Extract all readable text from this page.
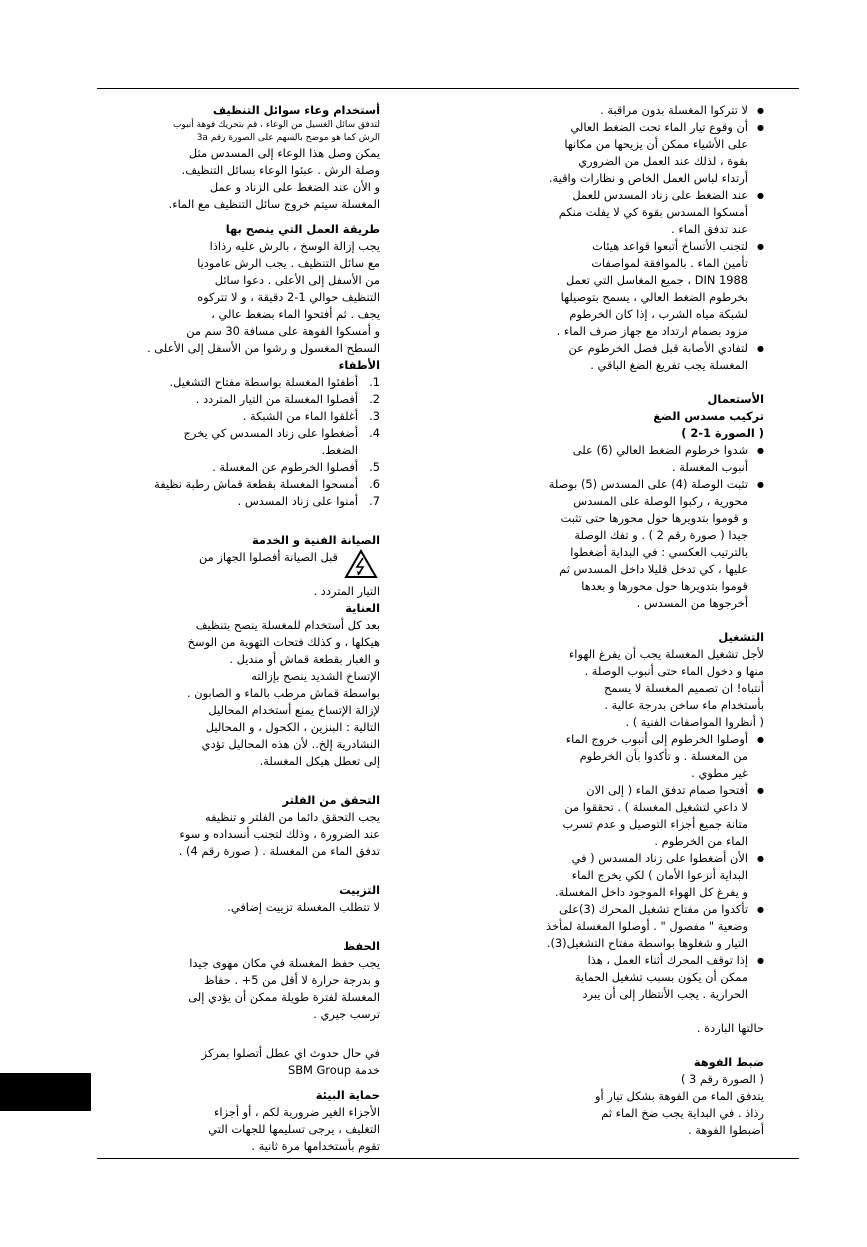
● لا تتركوا المغسلة بدون مراقبة .

● أن وقوع تيار الماء تحت الضغط العالي

على الأشياء ممكن أن يزيحها من مكانها

بقوة ، لذلك عند العمل من الضروري

أرتداء لباس العمل الخاص و نظارات واقية.

● عند الضغط على زناد المسدس للعمل

أمسكوا المسدس بقوة كي لا يفلت منكم

عند تدفق الماء .

● لتجنب الأتساخ أتبعوا قواعد هيئات

تأمين الماء . بالموافقة لمواصفات

DIN 1988 ، جميع المغاسل التي تعمل

بخرطوم الضغط العالي ، يسمح بتوصيلها

لشبكة مياه الشرب ، إذا كان الخرطوم

مزود بصمام ارتداد مع جهاز صرف الماء .

● لتفادي الأصابة قبل فصل الخرطوم عن

المغسلة يجب تفريغ الضغ الباقي .

الأستعمال
تركيب مسدس الضغ
( الصورة 1-2 )

● شدوا خرطوم الضغط العالي (6) على

أنبوب المغسلة .

● تثبت الوصلة (4) على المسدس (5) بوصلة

محورية ، ركبوا الوصلة على المسدس

و قوموا بتدويرها حول محورها حتى تثبت

جيدا ( صورة رقم 2 ) . و تفك الوصلة

بالترتيب العكسي : في البداية أضغطوا

عليها ، كي تدخل قليلا داخل المسدس ثم

قوموا بتدويرها حول محورها و بعدها

أخرجوها من المسدس .

التشغيل

لأجل تشغيل المغسلة يجب أن يفرغ الهواء

منها و دخول الماء حتى أنبوب الوصلة .

أنتباه! ان تصميم المغسلة لا يسمح

بأستخدام ماء ساخن بدرجة عالية .

( أنظروا المواصفات الفنية ) .

● أوصلوا الخرطوم إلى أنبوب خروج الماء

من المغسلة . و تأكدوا بأن الخرطوم

غير مطوي .

● أفتحوا صمام تدفق الماء ( إلى الان

لا داعي لتشغيل المغسلة ) . تحققوا من

متانة جميع أجزاء التوصيل و عدم تسرب

الماء من الخرطوم .

● الأن أضغطوا على زناد المسدس ( في

البداية أنزعوا الأمان ) لكي يخرج الماء

و يفرغ كل الهواء الموجود داخل المغسلة.

● تأكدوا من مفتاح تشغيل المحرك (3)على

وضعية " مفصول " . أوصلوا المغسلة لمأخذ

التيار و شغلوها بواسطة مفتاح التشغيل(3).

● إذا توقف المحرك أثناء العمل ، هذا

ممكن أن يكون بسبب تشغيل الحماية

الحرارية . يجب الأنتظار إلى أن يبرد

حالتها الباردة .

ضبط الفوهة

( الصورة رقم 3 )

يتدفق الماء من الفوهة بشكل تيار أو

رذاذ . في البداية يجب ضخ الماء ثم

أضبطوا الفوهة .

أستخدام وعاء سوائل التنظيف

لتدفق سائل الغسيل من الوعاء ، قم بتحريك فوهة أنبوب

الرش كما هو موضح بالسهم على الصورة رقم 3a

يمكن وصل هذا الوعاء إلى المسدس مثل

وصلة الرش . عبئوا الوعاء بسائل التنظيف.

و الأن عند الضغط على الزناد و عمل

المغسلة سيتم خروج سائل التنظيف مع الماء.

طريقة العمل التي ينصح بها

يجب إزالة الوسخ ، بالرش عليه رذاذا

مع سائل التنظيف . يجب الرش عاموديا

من الأسفل إلى الأعلى . دعوا سائل

التنظيف حوالي 1-2 دقيقة ، و لا تتركوه

يجف . ثم أفتحوا الماء بضغط عالي ،

و أمسكوا الفوهة على مسافة 30 سم من

السطح المغسول و رشوا من الأسفل إلى الأعلى .

الأطفاء

1.
أطفئوا المغسلة بواسطة مفتاح التشغيل.

2.
أفصلوا المغسلة من التيار المتردد .

3.
أغلقوا الماء من الشبكة .

4.
أضغطوا على زناد المسدس كي يخرج

الضغط.

5.
أفصلوا الخرطوم عن المغسلة .

6.
أمسحوا المغسلة بقطعة قماش رطبة نظيفة

7.
أمنوا على زناد المسدس .

الصيانة الفنية و الخدمة

قبل الصيانة أفصلوا الجهاز من

التيار المتردد .

العناية

بعد كل أستخدام للمغسلة ينصح بتنظيف

هيكلها ، و كذلك فتحات التهوية من الوسخ

و الغبار بقطعة قماش أو منديل .

الإتساخ الشديد ينصح بإزالته

بواسطة قماش مرطب بالماء و الصابون .

لإزالة الإتساخ يمنع أستخدام المحاليل

التالية : البنزين ، الكحول ، و المحاليل

النشادرية إلخ.. لأن هذه المحاليل تؤدي

إلى تعطل هيكل المغسلة.

التحقق من الفلتر

يجب التحقق دائما من الفلتر و تنظيفه

عند الضرورة ، وذلك لتجنب أنسداده و سوء

تدفق الماء من المغسلة . ( صورة رقم 4) .

التزييت

لا تتطلب المغسلة تزييت إضافي.

الحفظ

يجب حفظ المغسلة في مكان مهوى جيدا

و بدرجة حرارة لا أقل من 5+ . حفاظ

المغسلة لفترة طويلة ممكن أن يؤدي إلى

ترسب جيري .

في حال حدوث اي عطل أتصلوا بمركز

خدمة SBM Group

حماية البيئة

الأجزاء الغير ضرورية لكم ، أو أجزاء

التغليف ، يرجى تسليمها للجهات التي

تقوم بأستخدامها مرة ثانية .
